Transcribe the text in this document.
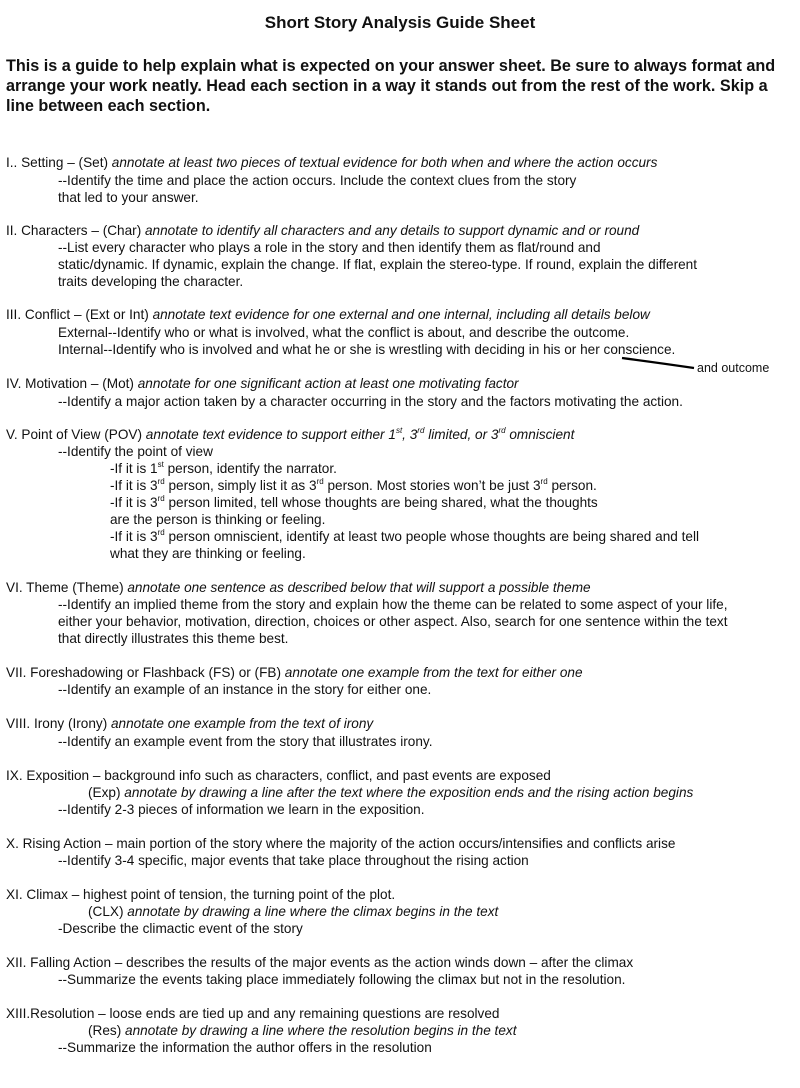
Short Story Analysis Guide Sheet
This is a guide to help explain what is expected on your answer sheet. Be sure to always format and arrange your work neatly. Head each section in a way it stands out from the rest of the work. Skip a line between each section.
I.. Setting – (Set) annotate at least two pieces of textual evidence for both when and where the action occurs
--Identify the time and place the action occurs. Include the context clues from the story
that led to your answer.
II. Characters – (Char) annotate to identify all characters and any details to support dynamic and or round
--List every character who plays a role in the story and then identify them as flat/round and
static/dynamic. If dynamic, explain the change. If flat, explain the stereo-type. If round, explain the different
traits developing the character.
III. Conflict – (Ext or Int) annotate text evidence for one external and one internal, including all details below
External--Identify who or what is involved, what the conflict is about, and describe the outcome.
Internal--Identify who is involved and what he or she is wrestling with deciding in his or her conscience.
and outcome
IV. Motivation – (Mot) annotate for one significant action at least one motivating factor
--Identify a major action taken by a character occurring in the story and the factors motivating the action.
V. Point of View (POV) annotate text evidence to support either 1st, 3rd limited, or 3rd omniscient
--Identify the point of view
-If it is 1st person, identify the narrator.
-If it is 3rd person, simply list it as 3rd person. Most stories won’t be just 3rd person.
-If it is 3rd person limited, tell whose thoughts are being shared, what the thoughts
are the person is thinking or feeling.
-If it is 3rd person omniscient, identify at least two people whose thoughts are being shared and tell
what they are thinking or feeling.
VI. Theme (Theme) annotate one sentence as described below that will support a possible theme
--Identify an implied theme from the story and explain how the theme can be related to some aspect of your life,
either your behavior, motivation, direction, choices or other aspect. Also, search for one sentence within the text
that directly illustrates this theme best.
VII. Foreshadowing or Flashback (FS) or (FB) annotate one example from the text for either one
--Identify an example of an instance in the story for either one.
VIII. Irony (Irony) annotate one example from the text of irony
--Identify an example event from the story that illustrates irony.
IX. Exposition – background info such as characters, conflict, and past events are exposed
(Exp) annotate by drawing a line after the text where the exposition ends and the rising action begins
--Identify 2-3 pieces of information we learn in the exposition.
X. Rising Action – main portion of the story where the majority of the action occurs/intensifies and conflicts arise
--Identify 3-4 specific, major events that take place throughout the rising action
XI. Climax – highest point of tension, the turning point of the plot.
(CLX) annotate by drawing a line where the climax begins in the text
-Describe the climactic event of the story
XII. Falling Action – describes the results of the major events as the action winds down – after the climax
--Summarize the events taking place immediately following the climax but not in the resolution.
XIII.Resolution – loose ends are tied up and any remaining questions are resolved
(Res) annotate by drawing a line where the resolution begins in the text
--Summarize the information the author offers in the resolution
